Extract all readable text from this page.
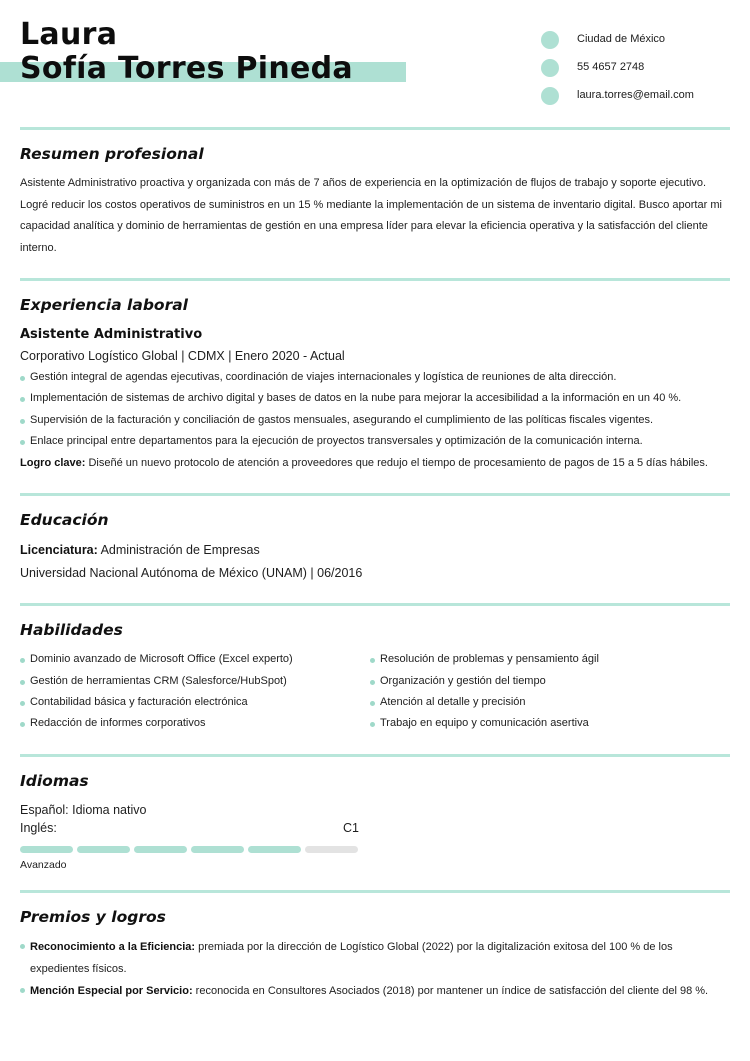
Laura
Sofía Torres Pineda
Ciudad de México
55 4657 2748
laura.torres@email.com
Resumen profesional
Asistente Administrativo proactiva y organizada con más de 7 años de experiencia en la optimización de flujos de trabajo y soporte ejecutivo. Logré reducir los costos operativos de suministros en un 15 % mediante la implementación de un sistema de inventario digital. Busco aportar mi capacidad analítica y dominio de herramientas de gestión en una empresa líder para elevar la eficiencia operativa y la satisfacción del cliente interno.
Experiencia laboral
Asistente Administrativo
Corporativo Logístico Global | CDMX | Enero 2020 - Actual
Gestión integral de agendas ejecutivas, coordinación de viajes internacionales y logística de reuniones de alta dirección.
Implementación de sistemas de archivo digital y bases de datos en la nube para mejorar la accesibilidad a la información en un 40 %.
Supervisión de la facturación y conciliación de gastos mensuales, asegurando el cumplimiento de las políticas fiscales vigentes.
Enlace principal entre departamentos para la ejecución de proyectos transversales y optimización de la comunicación interna.
Logro clave: Diseñé un nuevo protocolo de atención a proveedores que redujo el tiempo de procesamiento de pagos de 15 a 5 días hábiles.
Educación
Licenciatura: Administración de Empresas
Universidad Nacional Autónoma de México (UNAM) | 06/2016
Habilidades
Dominio avanzado de Microsoft Office (Excel experto)
Gestión de herramientas CRM (Salesforce/HubSpot)
Contabilidad básica y facturación electrónica
Redacción de informes corporativos
Resolución de problemas y pensamiento ágil
Organización y gestión del tiempo
Atención al detalle y precisión
Trabajo en equipo y comunicación asertiva
Idiomas
Español: Idioma nativo
Inglés:	C1
Avanzado
Premios y logros
Reconocimiento a la Eficiencia: premiada por la dirección de Logístico Global (2022) por la digitalización exitosa del 100 % de los expedientes físicos.
Mención Especial por Servicio: reconocida en Consultores Asociados (2018) por mantener un índice de satisfacción del cliente del 98 %.
